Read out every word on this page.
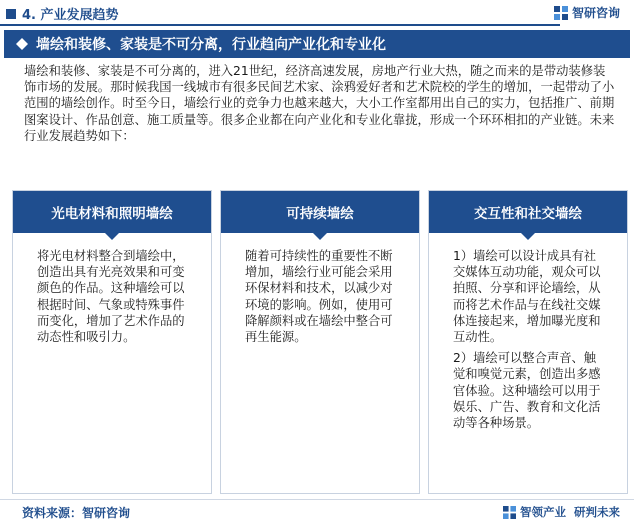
4. 产业发展趋势	智研咨询
墙绘和装修、家装是不可分离，行业趋向产业化和专业化
墙绘和装修、家装是不可分离的，进入21世纪，经济高速发展，房地产行业大热，随之而来的是带动装修装饰市场的发展。那时候我国一线城市有很多民间艺术家、涂鸦爱好者和艺术院校的学生的增加，一起带动了小范围的墙绘创作。时至今日，墙绘行业的竞争力也越来越大，大小工作室都用出自己的实力，包括推广、前期图案设计、作品创意、施工质量等。很多企业都在向产业化和专业化靠拢，形成一个环环相扣的产业链。未来行业发展趋势如下：
光电材料和照明墙绘

将光电材料整合到墙绘中，创造出具有光亮效果和可变颜色的作品。这种墙绘可以根据时间、气象或特殊事件而变化，增加了艺术作品的动态性和吸引力。

可持续墙绘

随着可持续性的重要性不断增加，墙绘行业可能会采用环保材料和技术，以减少对环境的影响。例如，使用可降解颜料或在墙绘中整合可再生能源。

交互性和社交墙绘

1）墙绘可以设计成具有社交媒体互动功能，观众可以拍照、分享和评论墙绘，从而将艺术作品与在线社交媒体连接起来，增加曝光度和互动性。

2）墙绘可以整合声音、触觉和嗅觉元素，创造出多感官体验。这种墙绘可以用于娱乐、广告、教育和文化活动等各种场景。

资料来源：智研咨询	智领产业 研判未来
